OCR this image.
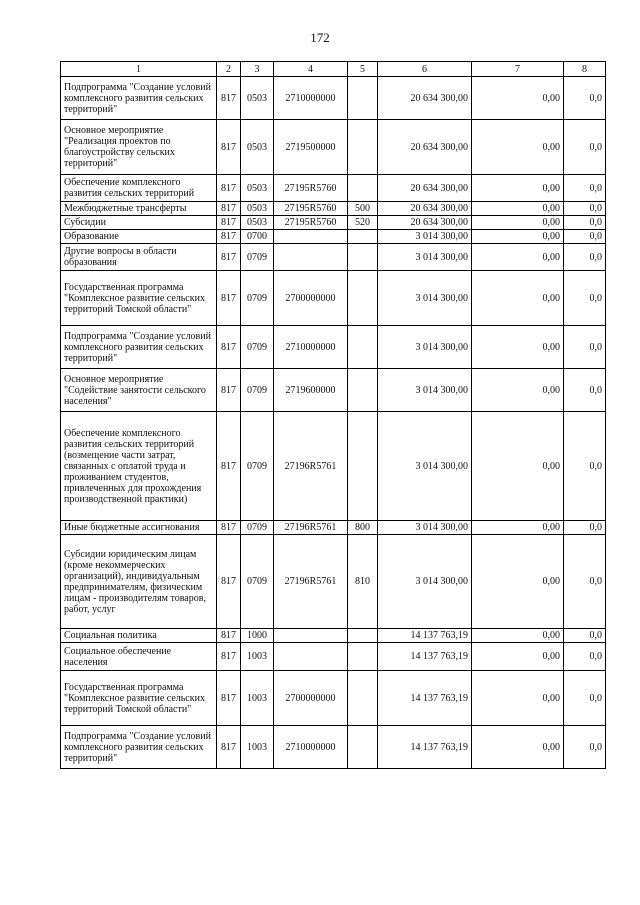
172
1	2	3	4	5	6	7	8
Подпрограмма "Создание условий комплексного развития сельских территорий"	817	0503	2710000000		20 634 300,00	0,00	0,0
Основное мероприятие "Реализация проектов по благоустройству сельских территорий"	817	0503	2719500000		20 634 300,00	0,00	0,0
Обеспечение комплексного развития сельских территорий	817	0503	27195R5760		20 634 300,00	0,00	0,0
Межбюджетные трансферты	817	0503	27195R5760	500	20 634 300,00	0,00	0,0
Субсидии	817	0503	27195R5760	520	20 634 300,00	0,00	0,0
Образование	817	0700			3 014 300,00	0,00	0,0
Другие вопросы в области образования	817	0709			3 014 300,00	0,00	0,0
Государственная программа "Комплексное развитие сельских территорий Томской области"	817	0709	2700000000		3 014 300,00	0,00	0,0
Подпрограмма "Создание условий комплексного развития сельских территорий"	817	0709	2710000000		3 014 300,00	0,00	0,0
Основное мероприятие "Содействие занятости сельского населения"	817	0709	2719600000		3 014 300,00	0,00	0,0
Обеспечение комплексного развития сельских территорий (возмещение части затрат, связанных с оплатой труда и проживанием студентов, привлеченных для прохождения производственной практики)	817	0709	27196R5761		3 014 300,00	0,00	0,0
Иные бюджетные ассигнования	817	0709	27196R5761	800	3 014 300,00	0,00	0,0
Субсидии юридическим лицам (кроме некоммерческих организаций), индивидуальным предпринимателям, физическим лицам - производителям товаров, работ, услуг	817	0709	27196R5761	810	3 014 300,00	0,00	0,0
Социальная политика	817	1000			14 137 763,19	0,00	0,0
Социальное обеспечение населения	817	1003			14 137 763,19	0,00	0,0
Государственная программа "Комплексное развитие сельских территорий Томской области"	817	1003	2700000000		14 137 763,19	0,00	0,0
Подпрограмма "Создание условий комплексного развития сельских территорий"	817	1003	2710000000		14 137 763,19	0,00	0,0
